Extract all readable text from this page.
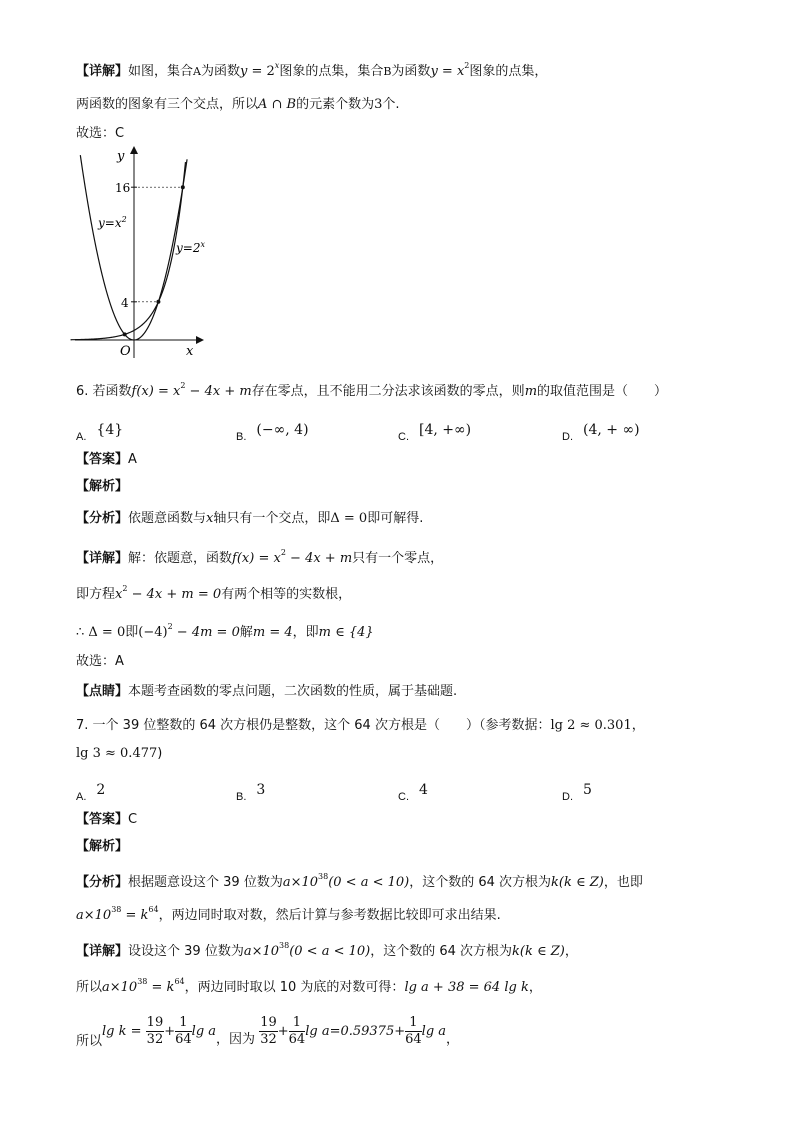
【详解】如图，集合A为函数$y = 2^x$图象的点集，集合B为函数$y = x^2$图象的点集，
两函数的图象有三个交点，所以A ∩ B的元素个数为3个.
故选：C
y
x
O
16
4
$y=x^2$
$y=2^x$
6. 若函数$f(x) = x^2 - 4x + m$存在零点，且不能用二分法求该函数的零点，则m的取值范围是（　　）
A. {4}	B. (−∞, 4)	C. [4, +∞)	D. (4, + ∞)
【答案】A
【解析】
【分析】依题意函数与x轴只有一个交点，即Δ = 0即可解得.
【详解】解：依题意，函数$f(x) = x^2 - 4x + m$只有一个零点，
即方程$x^2 - 4x + m = 0$有两个相等的实数根，
∴ Δ = 0即$(-4)^2 - 4m = 0$解m = 4，即m ∈ {4}
故选：A
【点睛】本题考查函数的零点问题，二次函数的性质，属于基础题.
7. 一个 39 位整数的 64 次方根仍是整数，这个 64 次方根是（　　）（参考数据：lg 2 ≈ 0.301，
lg 3 ≈ 0.477)
A. 2	B. 3	C. 4	D. 5
【答案】C
【解析】
【分析】根据题意设这个 39 位数为$a\times 10^{38}(0 < a < 10)$，这个数的 64 次方根为k(k ∈ Z)，也即
$a\times 10^{38} = k^{64}$，两边同时取对数，然后计算与参考数据比较即可求出结果.
【详解】设设这个 39 位数为$a\times 10^{38}(0 < a < 10)$，这个数的 64 次方根为k(k ∈ Z)，
所以$a\times 10^{38} = k^{64}$，两边同时取以 10 为底的对数可得：lg a + 38 = 64 lg k，
所以$\lg k = \frac{19}{32} + \frac{1}{64}$ lg a，因为 $\frac{19}{32} + \frac{1}{64}$ $\lg a=0.59375+ \frac{1}{64}$ lg a，
